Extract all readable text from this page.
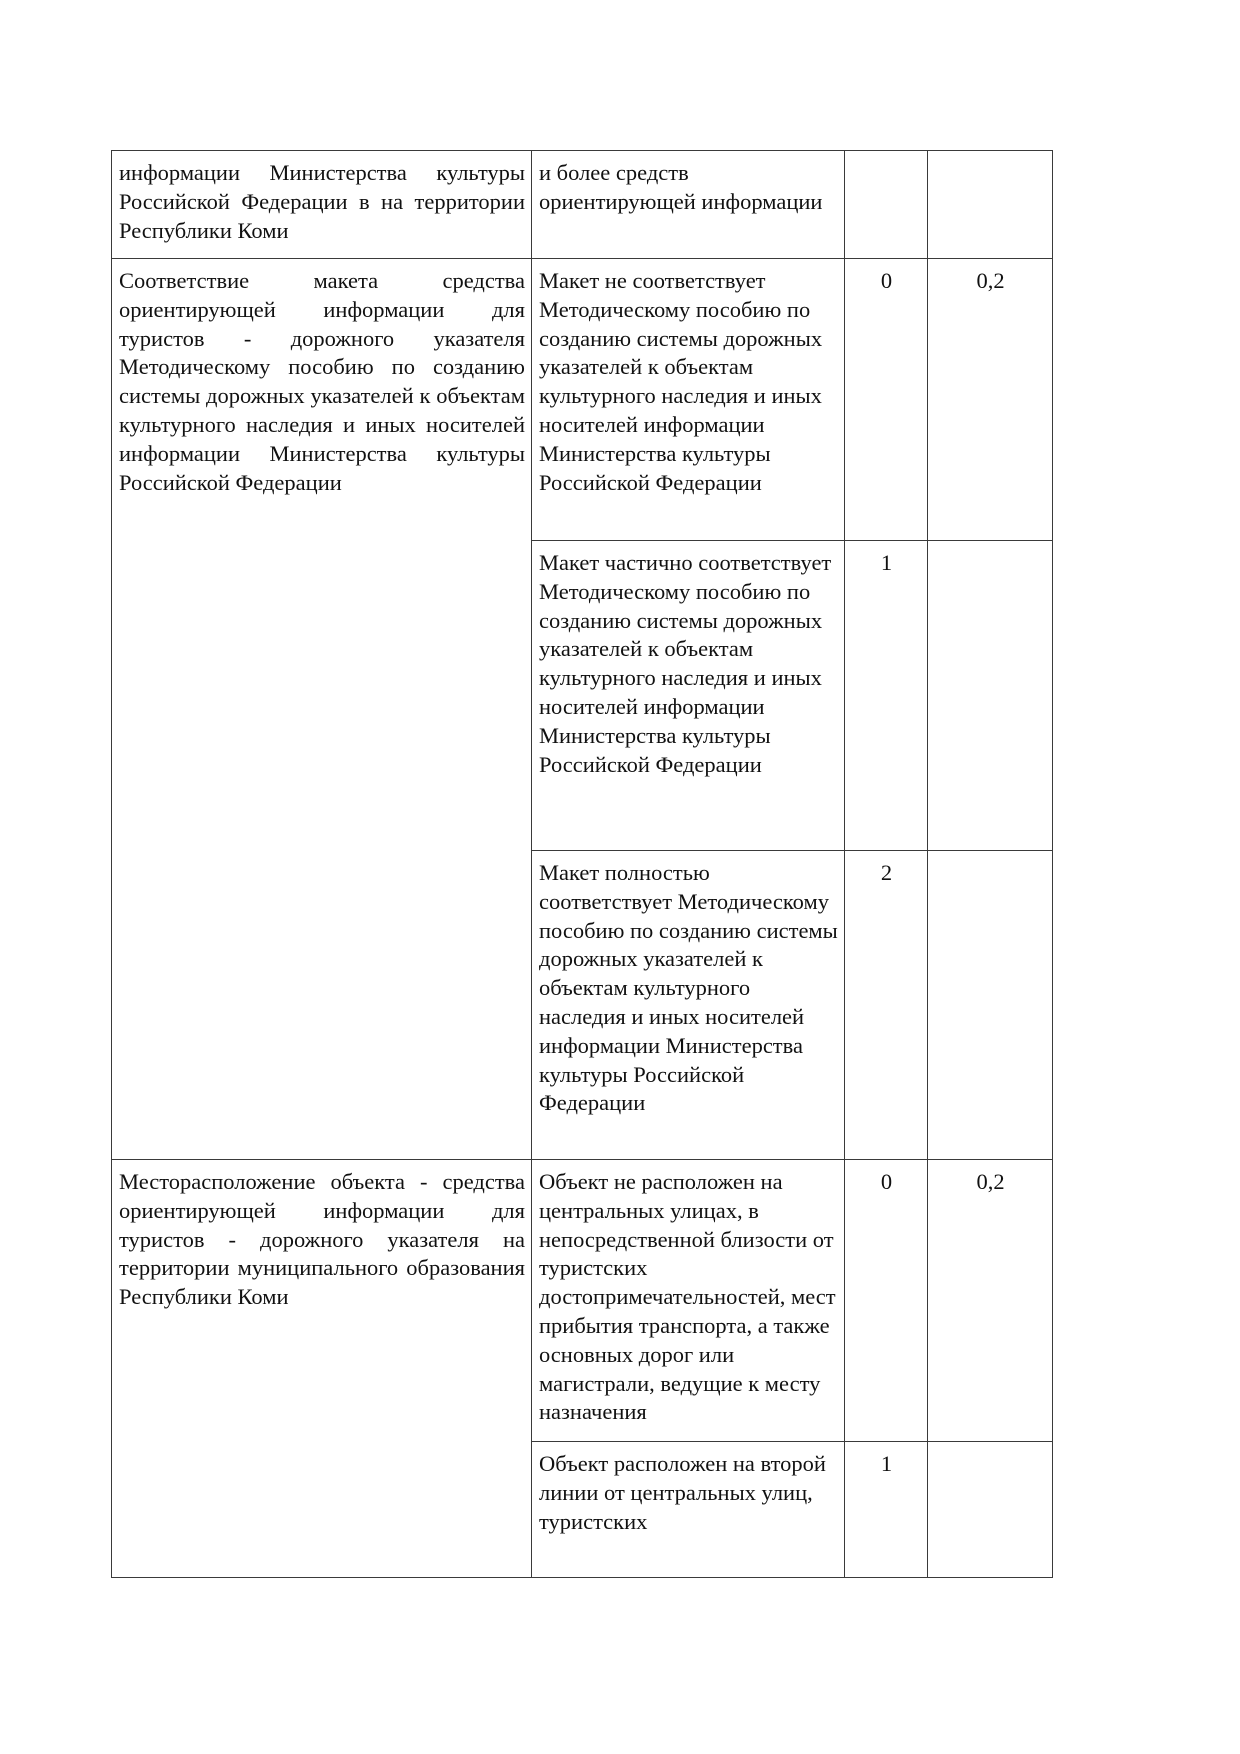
информации Министерства культуры Российской Федерации в на территории Республики Коми	и более средств ориентирующей информации		
Соответствие макета средства ориентирующей информации для туристов - дорожного указателя Методическому пособию по созданию системы дорожных указателей к объектам культурного наследия и иных носителей информации Министерства культуры Российской Федерации	Макет не соответствует Методическому пособию по созданию системы дорожных указателей к объектам культурного наследия и иных носителей информации Министерства культуры Российской Федерации	0	0,2
	Макет частично соответствует Методическому пособию по созданию системы дорожных указателей к объектам культурного наследия и иных носителей информации Министерства культуры Российской Федерации	1	
	Макет полностью соответствует Методическому пособию по созданию системы дорожных указателей к объектам культурного наследия и иных носителей информации Министерства культуры Российской Федерации	2	
Месторасположение объекта - средства ориентирующей информации для туристов - дорожного указателя на территории муниципального образования Республики Коми	Объект не расположен на центральных улицах, в непосредственной близости от туристских достопримечательностей, мест прибытия транспорта, а также основных дорог или магистрали, ведущие к месту назначения	0	0,2
	Объект расположен на второй линии от центральных улиц, туристских	1	
